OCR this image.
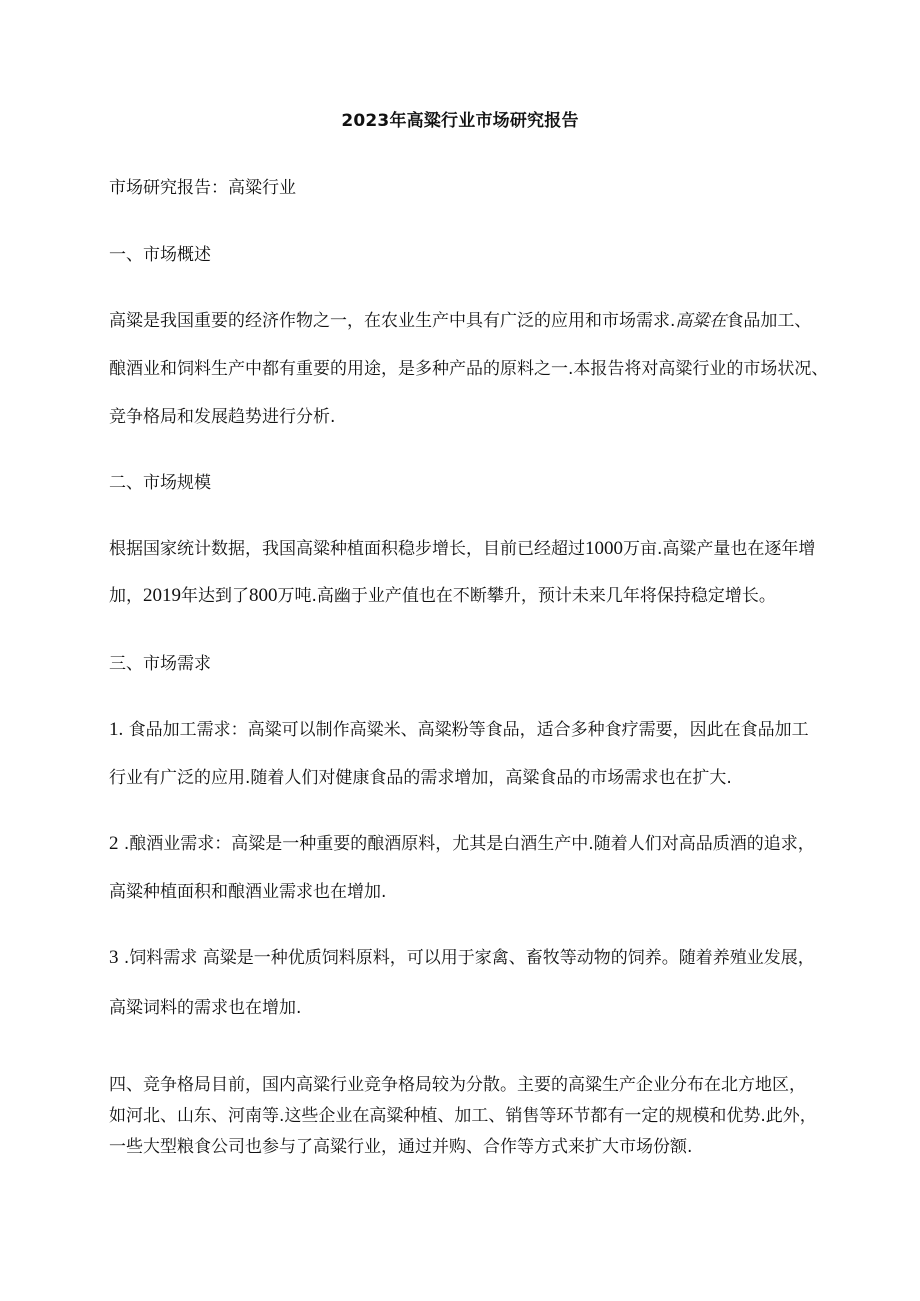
2023年高粱行业市场研究报告
市场研究报告：高粱行业
一、市场概述
高粱是我国重要的经济作物之一，在农业生产中具有广泛的应用和市场需求.高粱在食品加工、
酿酒业和饲料生产中都有重要的用途，是多种产品的原料之一.本报告将对高粱行业的市场状况、
竞争格局和发展趋势进行分析.
二、市场规模
根据国家统计数据，我国高粱种植面积稳步增长，目前已经超过1000万亩.高粱产量也在逐年增
加，2019年达到了800万吨.高幽于业产值也在不断攀升，预计未来几年将保持稳定增长。
三、市场需求
1. 食品加工需求：高粱可以制作高粱米、高粱粉等食品，适合多种食疗需要，因此在食品加工
行业有广泛的应用.随着人们对健康食品的需求增加，高粱食品的市场需求也在扩大.
2 .酿酒业需求：高粱是一种重要的酿酒原料，尤其是白酒生产中.随着人们对高品质酒的追求，
高粱种植面积和酿酒业需求也在增加.
3 .饲料需求 高粱是一种优质饲料原料，可以用于家禽、畜牧等动物的饲养。随着养殖业发展，
高粱词料的需求也在增加.
四、竞争格局目前，国内高粱行业竞争格局较为分散。主要的高粱生产企业分布在北方地区，
如河北、山东、河南等.这些企业在高粱种植、加工、销售等环节都有一定的规模和优势.此外，
一些大型粮食公司也参与了高粱行业，通过并购、合作等方式来扩大市场份额.
